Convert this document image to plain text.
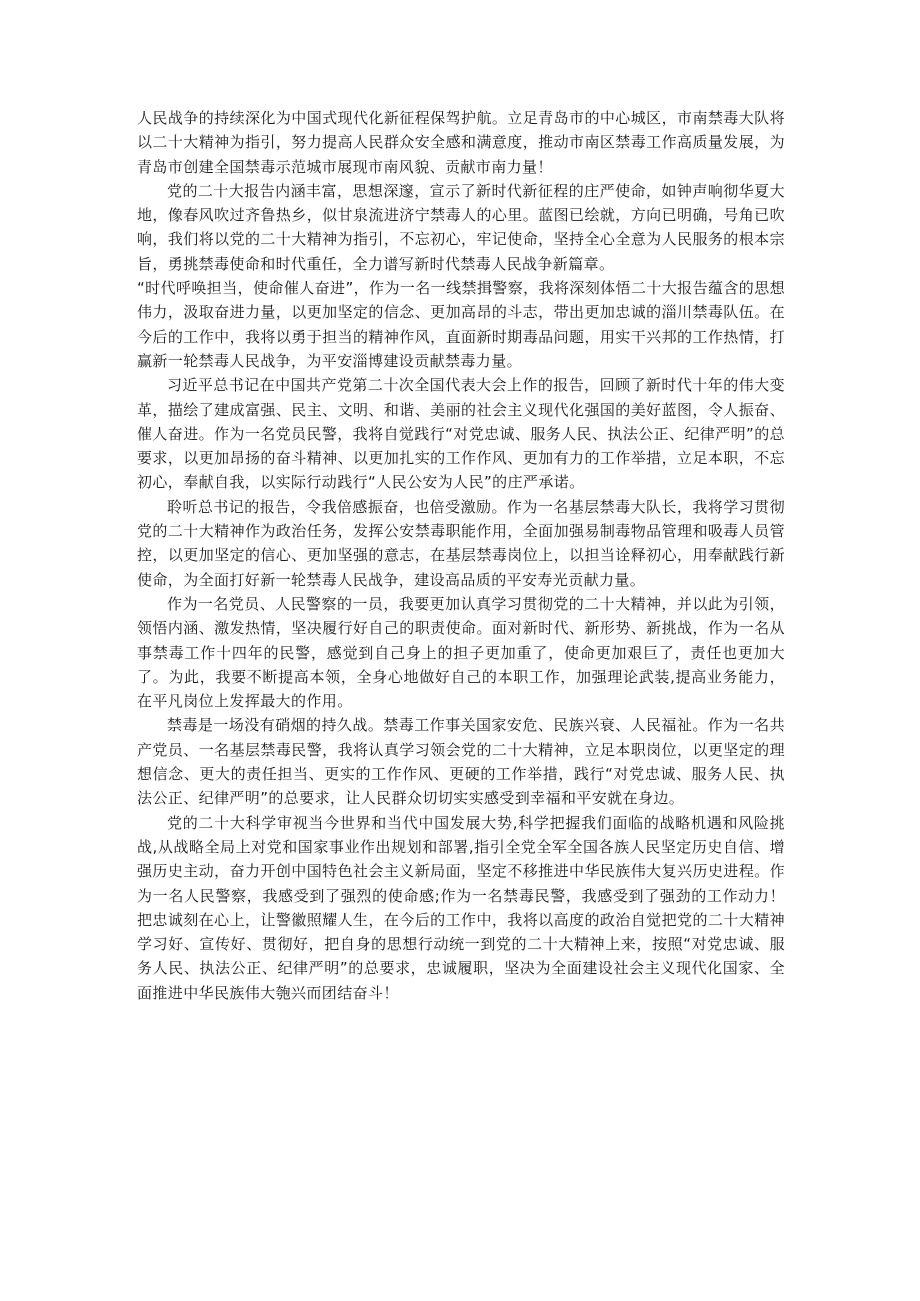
人民战争的持续深化为中国式现代化新征程保驾护航。立足青岛市的中心城区，市南禁毒大队将以二十大精神为指引，努力提高人民群众安全感和满意度，推动市南区禁毒工作高质量发展，为青岛市创建全国禁毒示范城市展现市南风貌、贡献市南力量！

党的二十大报告内涵丰富，思想深邃，宣示了新时代新征程的庄严使命，如钟声响彻华夏大地，像春风吹过齐鲁热乡，似甘泉流进济宁禁毒人的心里。蓝图已绘就，方向已明确，号角已吹响，我们将以党的二十大精神为指引，不忘初心，牢记使命，坚持全心全意为人民服务的根本宗旨，勇挑禁毒使命和时代重任，全力谱写新时代禁毒人民战争新篇章。

“时代呼唤担当，使命催人奋进”，作为一名一线禁揖警察，我将深刻体悟二十大报告蕴含的思想伟力，汲取奋进力量，以更加坚定的信念、更加高昂的斗志，带出更加忠诚的淄川禁毒队伍。在今后的工作中，我将以勇于担当的精神作风，直面新时期毒品问题，用实干兴邦的工作热情，打赢新一轮禁毒人民战争，为平安淄博建设贡献禁毒力量。

习近平总书记在中国共产党第二十次全国代表大会上作的报告，回顾了新时代十年的伟大变革，描绘了建成富强、民主、文明、和谐、美丽的社会主义现代化强国的美好蓝图，令人振奋、催人奋进。作为一名党员民警，我将自觉践行“对党忠诚、服务人民、执法公正、纪律严明”的总要求，以更加昂扬的奋斗精神、以更加扎实的工作作风、更加有力的工作举措，立足本职，不忘初心，奉献自我，以实际行动践行“人民公安为人民”的庄严承诺。

聆听总书记的报告，令我倍感振奋，也倍受激励。作为一名基层禁毒大队长，我将学习贯彻党的二十大精神作为政治任务，发挥公安禁毒职能作用，全面加强易制毒物品管理和吸毒人员管控，以更加坚定的信心、更加坚强的意志，在基层禁毒岗位上，以担当诠释初心，用奉献践行新使命，为全面打好新一轮禁毒人民战争，建设高品质的平安寿光贡献力量。

作为一名党员、人民警察的一员，我要更加认真学习贯彻党的二十大精神，并以此为引领，领悟内涵、激发热情，坚决履行好自己的职责使命。面对新时代、新形势、新挑战，作为一名从事禁毒工作十四年的民警，感觉到自己身上的担子更加重了，使命更加艰巨了，责任也更加大了。为此，我要不断提高本领，全身心地做好自己的本职工作，加强理论武装,提高业务能力，在平凡岗位上发挥最大的作用。

禁毒是一场没有硝烟的持久战。禁毒工作事关国家安危、民族兴衰、人民福祉。作为一名共产党员、一名基层禁毒民警，我将认真学习领会党的二十大精神，立足本职岗位，以更坚定的理想信念、更大的责任担当、更实的工作作风、更硬的工作举措，践行“对党忠诚、服务人民、执法公正、纪律严明”的总要求，让人民群众切切实实感受到幸福和平安就在身边。

党的二十大科学审视当今世界和当代中国发展大势,科学把握我们面临的战略机遇和风险挑战,从战略全局上对党和国家事业作出规划和部署,指引全党全军全国各族人民坚定历史自信、增强历史主动，奋力开创中国特色社会主义新局面，坚定不移推进中华民族伟大复兴历史进程。作为一名人民警察，我感受到了强烈的使命感;作为一名禁毒民警，我感受到了强劲的工作动力！把忠诚刻在心上，让警徽照耀人生，在今后的工作中，我将以高度的政治自觉把党的二十大精神学习好、宣传好、贯彻好，把自身的思想行动统一到党的二十大精神上来，按照“对党忠诚、服务人民、执法公正、纪律严明”的总要求，忠诚履职，坚决为全面建设社会主义现代化国家、全面推进中华民族伟大匏兴而团结奋斗！
